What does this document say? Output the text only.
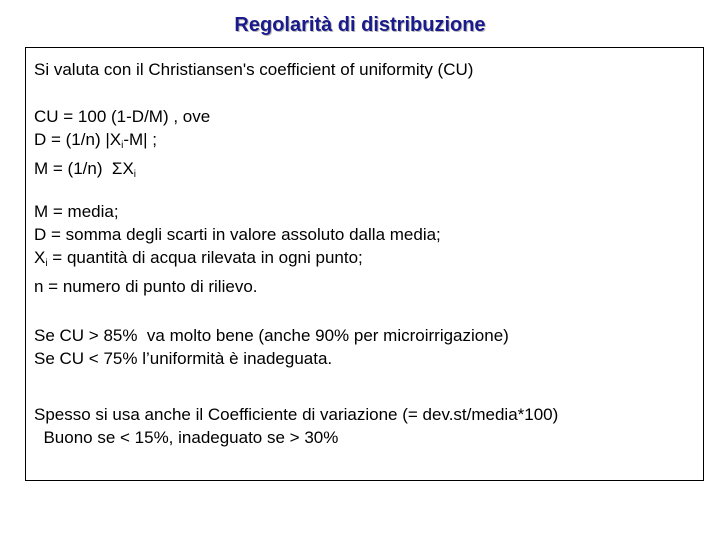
Regolarità di distribuzione
Si valuta con il Christiansen's coefficient of uniformity (CU)
CU = 100 (1-D/M) , ove
D = (1/n) $|X_i-M|$ ;
M = (1/n)  $\Sigma X_i$
M = media;
D = somma degli scarti in valore assoluto dalla media;
$X_i$ = quantità di acqua rilevata in ogni punto;
n = numero di punto di rilievo.
Se CU > 85%  va molto bene (anche 90% per microirrigazione)
Se CU < 75% l’uniformità è inadeguata.
Spesso si usa anche il Coefficiente di variazione (= dev.st/media*100)
Buono se < 15%, inadeguato se > 30%
